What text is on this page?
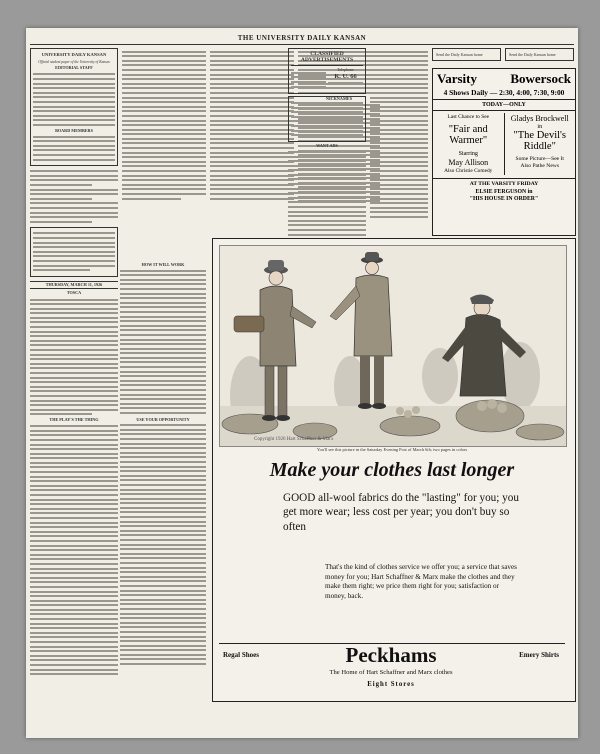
THE UNIVERSITY DAILY KANSAN
UNIVERSITY DAILY KANSAN
Official student paper of the University of Kansas
EDITORIAL STAFF
BOARD MEMBERS
THURSDAY, MARCH 11, 1926
TOSCA
THE PLAY'S THE THING
NICKNAMES
CLASSIFIED ADVERTISEMENTS
Telephone
K. U. 66
WANT ADS
Send the Daily Kansan home	Send the Daily Kansan home
Varsity	Bowersock
4 Shows Daily — 2:30, 4:00, 7:30, 9:00
TODAY—ONLY
Last Chance to See
"Fair and Warmer"
Starring
May Allison
Also Christie Comedy
Gladys Brockwell
in
"The Devil's Riddle"
Some Picture—See It
Also Pathe News
AT THE VARSITY FRIDAY
ELSIE FERGUSON in
"HIS HOUSE IN ORDER"
Copyright 1926 Hart Schaffner & Marx
You'll see this picture in the Saturday Evening Post of March 6th; two pages in colors
Make your clothes last longer
GOOD all-wool fabrics do the "lasting" for you; you get more wear; less cost per year; you don't buy so often
That's the kind of clothes service we offer you; a service that saves money for you; Hart Schaffner & Marx make the clothes and they make them right; we price them right for you; satisfaction or money, back.
Regal Shoes	Peckhams
The Home of Hart Schaffner and Marx clothes
Eight Stores
Emery Shirts
HOW IT WILL WORK
USE YOUR OPPORTUNITY
